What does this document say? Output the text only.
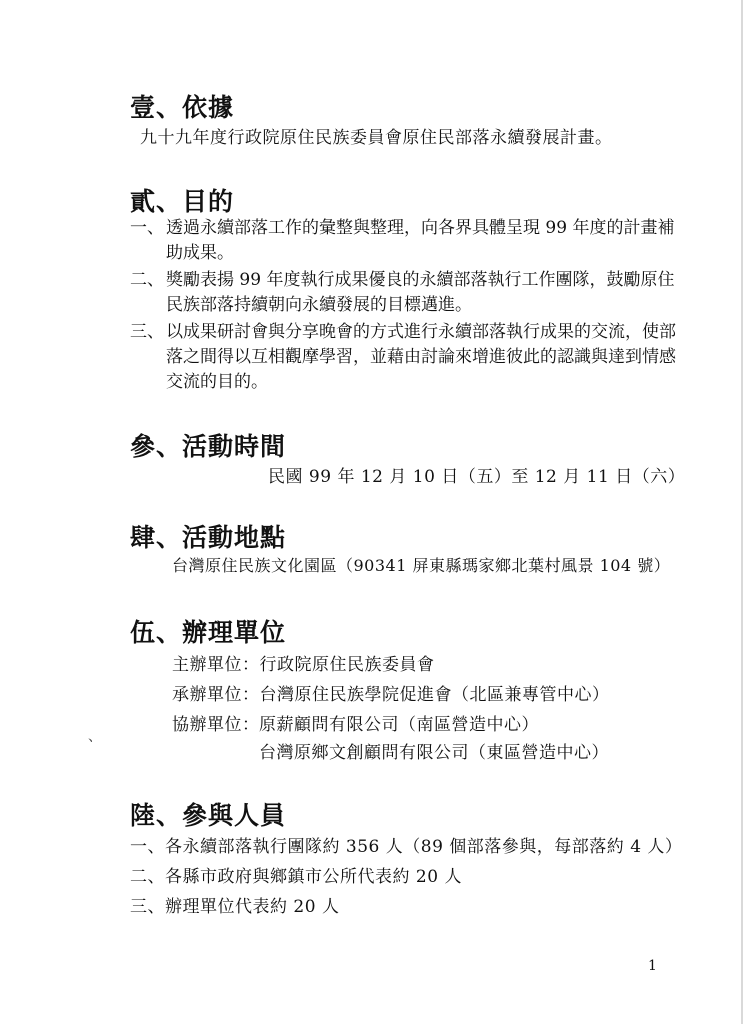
壹、依據
九十九年度行政院原住民族委員會原住民部落永續發展計畫。
貳、目的
一、 透過永續部落工作的彙整與整理，向各界具體呈現 99 年度的計畫補助成果。
二、 獎勵表揚 99 年度執行成果優良的永續部落執行工作團隊，鼓勵原住民族部落持續朝向永續發展的目標邁進。
三、 以成果研討會與分享晚會的方式進行永續部落執行成果的交流，使部落之間得以互相觀摩學習，並藉由討論來增進彼此的認識與達到情感交流的目的。
參、活動時間
民國 99 年 12 月 10 日（五）至 12 月 11 日（六）
肆、活動地點
台灣原住民族文化園區（90341 屏東縣瑪家鄉北葉村風景 104 號）
伍、辦理單位
主辦單位：行政院原住民族委員會
承辦單位：台灣原住民族學院促進會（北區兼專管中心）
協辦單位： 原薪顧問有限公司（南區營造中心）
台灣原鄉文創顧問有限公司（東區營造中心）
、
陸、參與人員
一、各永續部落執行團隊約 356 人（89 個部落參與，每部落約 4 人）
二、各縣市政府與鄉鎮市公所代表約 20 人
三、辦理單位代表約 20 人
1
